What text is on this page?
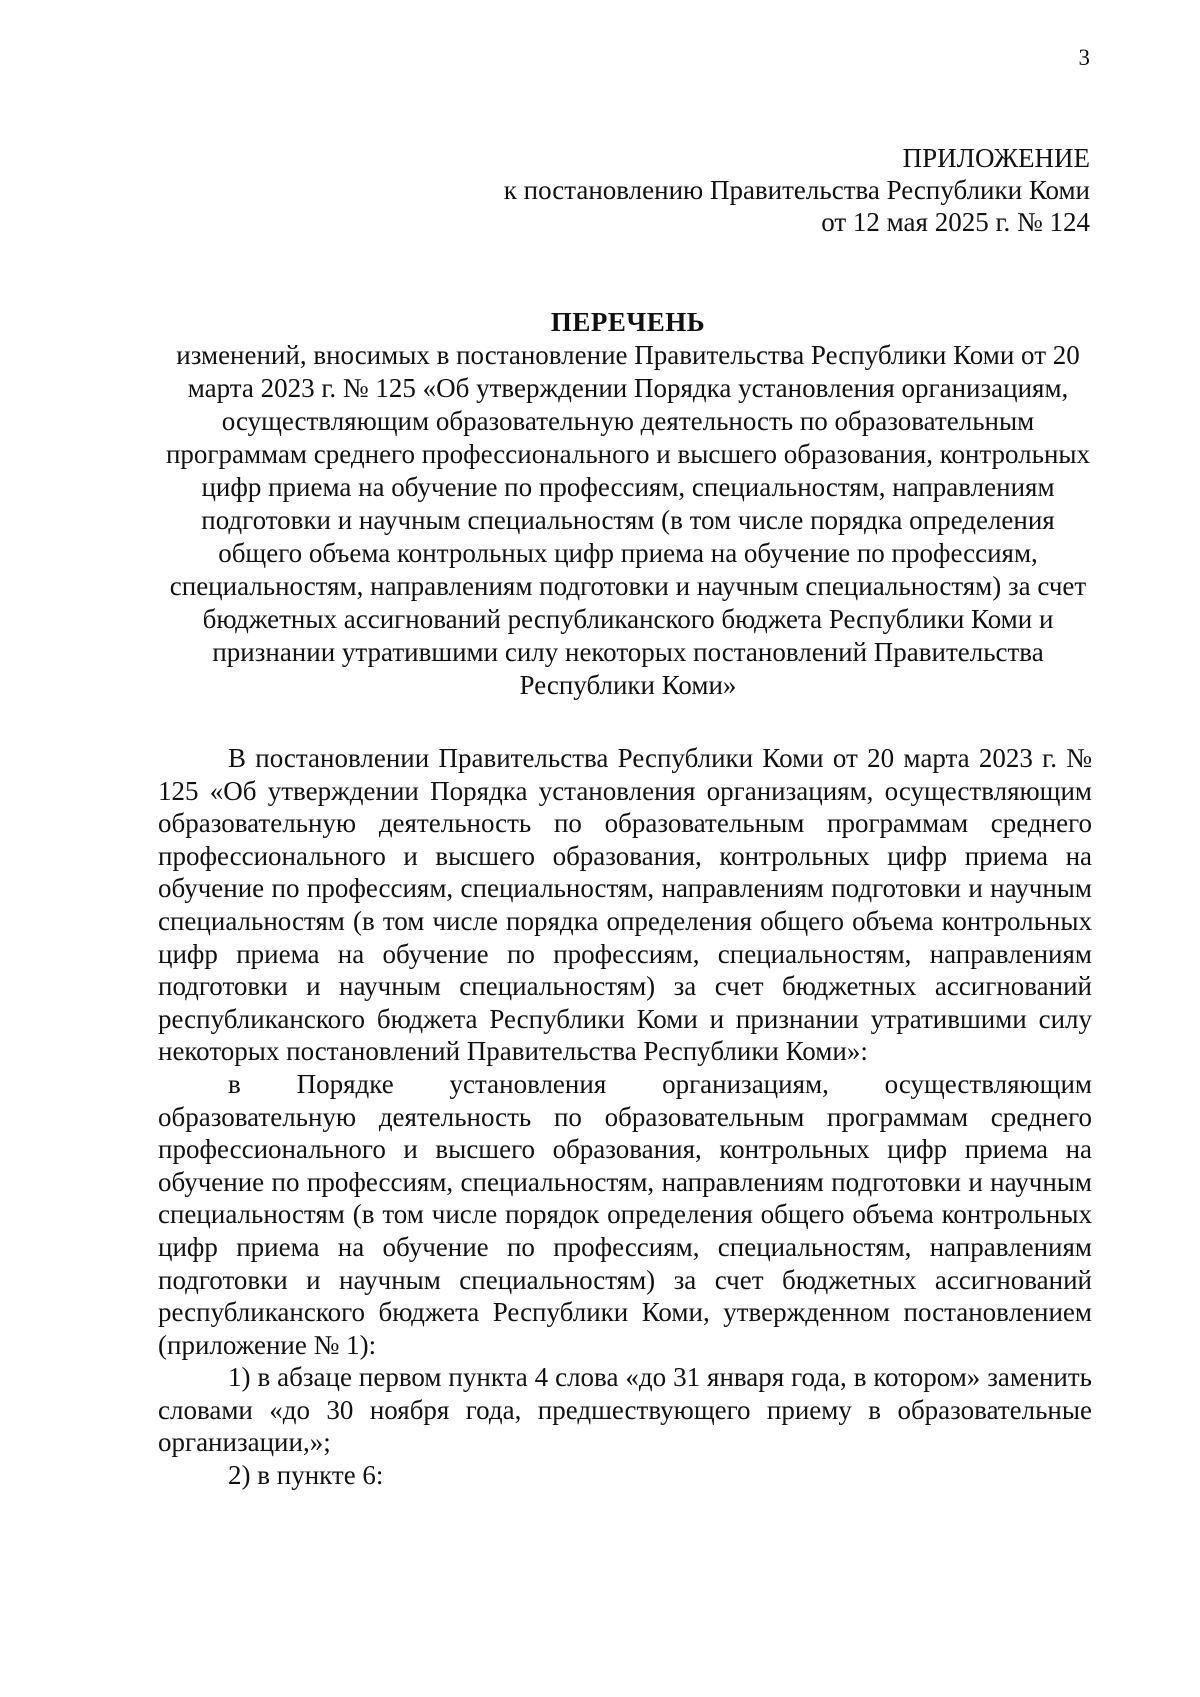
3
ПРИЛОЖЕНИЕ
к постановлению Правительства Республики Коми
от 12 мая 2025 г. № 124
ПЕРЕЧЕНЬ
изменений, вносимых в постановление Правительства Республики Коми от 20 марта 2023 г. № 125 «Об утверждении Порядка установления организациям, осуществляющим образовательную деятельность по образовательным программам среднего профессионального и высшего образования, контрольных цифр приема на обучение по профессиям, специальностям, направлениям подготовки и научным специальностям (в том числе порядка определения общего объема контрольных цифр приема на обучение по профессиям, специальностям, направлениям подготовки и научным специальностям) за счет бюджетных ассигнований республиканского бюджета Республики Коми и признании утратившими силу некоторых постановлений Правительства Республики Коми»

В постановлении Правительства Республики Коми от 20 марта 2023 г. № 125 «Об утверждении Порядка установления организациям, осуществляющим образовательную деятельность по образовательным программам среднего профессионального и высшего образования, контрольных цифр приема на обучение по профессиям, специальностям, направлениям подготовки и научным специальностям (в том числе порядка определения общего объема контрольных цифр приема на обучение по профессиям, специальностям, направлениям подготовки и научным специальностям) за счет бюджетных ассигнований республиканского бюджета Республики Коми и признании утратившими силу некоторых постановлений Правительства Республики Коми»:

в Порядке установления организациям, осуществляющим образовательную деятельность по образовательным программам среднего профессионального и высшего образования, контрольных цифр приема на обучение по профессиям, специальностям, направлениям подготовки и научным специальностям (в том числе порядок определения общего объема контрольных цифр приема на обучение по профессиям, специальностям, направлениям подготовки и научным специальностям) за счет бюджетных ассигнований республиканского бюджета Республики Коми, утвержденном постановлением (приложение № 1):

1) в абзаце первом пункта 4 слова «до 31 января года, в котором» заменить словами «до 30 ноября года, предшествующего приему в образовательные организации,»;

2) в пункте 6:
